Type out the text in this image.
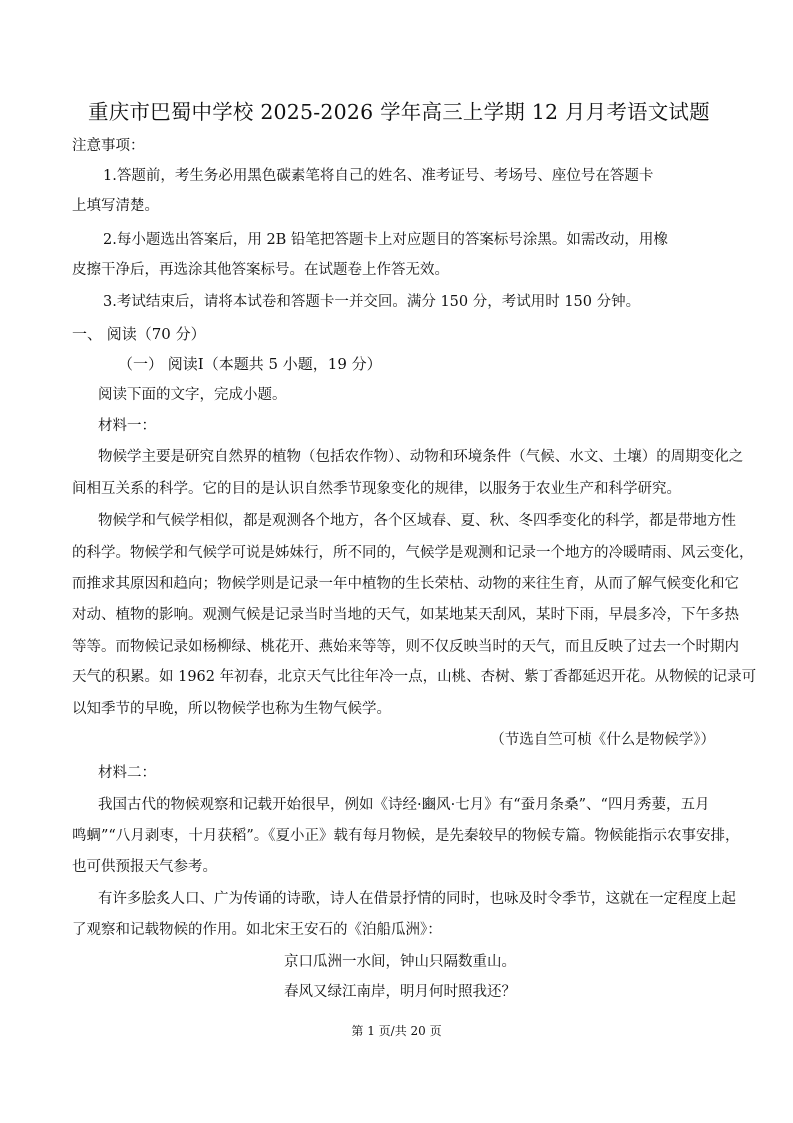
重庆市巴蜀中学校 2025-2026 学年高三上学期 12 月月考语文试题
注意事项：
1.答题前，考生务必用黑色碳素笔将自己的姓名、准考证号、考场号、座位号在答题卡
上填写清楚。
2.每小题选出答案后，用 2B 铅笔把答题卡上对应题目的答案标号涂黑。如需改动，用橡
皮擦干净后，再选涂其他答案标号。在试题卷上作答无效。
3.考试结束后，请将本试卷和答题卡一并交回。满分 150 分，考试用时 150 分钟。
一、 阅读（70 分）
（一） 阅读Ⅰ（本题共 5 小题，19 分）
阅读下面的文字，完成小题。
材料一：
物候学主要是研究自然界的植物（包括农作物）、动物和环境条件（气候、水文、土壤）的周期变化之
间相互关系的科学。它的目的是认识自然季节现象变化的规律，以服务于农业生产和科学研究。
物候学和气候学相似，都是观测各个地方，各个区域春、夏、秋、冬四季变化的科学，都是带地方性
的科学。物候学和气候学可说是姊妹行，所不同的，气候学是观测和记录一个地方的冷暖晴雨、风云变化，
而推求其原因和趋向；物候学则是记录一年中植物的生长荣枯、动物的来往生育，从而了解气候变化和它
对动、植物的影响。观测气候是记录当时当地的天气，如某地某天刮风，某时下雨，早晨多冷，下午多热
等等。而物候记录如杨柳绿、桃花开、燕始来等等，则不仅反映当时的天气，而且反映了过去一个时期内
天气的积累。如 1962 年初春，北京天气比往年冷一点，山桃、杏树、紫丁香都延迟开花。从物候的记录可
以知季节的早晚，所以物候学也称为生物气候学。
（节选自竺可桢《什么是物候学》）
材料二：
我国古代的物候观察和记载开始很早，例如《诗经·豳风·七月》有“蚕月条桑”、“四月秀葽，五月
鸣蜩”“八月剥枣，十月获稻”。《夏小正》载有每月物候，是先秦较早的物候专篇。物候能指示农事安排，
也可供预报天气参考。
有许多脍炙人口、广为传诵的诗歌，诗人在借景抒情的同时，也咏及时令季节，这就在一定程度上起
了观察和记载物候的作用。如北宋王安石的《泊船瓜洲》：
京口瓜洲一水间，钟山只隔数重山。
春风又绿江南岸，明月何时照我还？
第 1 页/共 20 页
